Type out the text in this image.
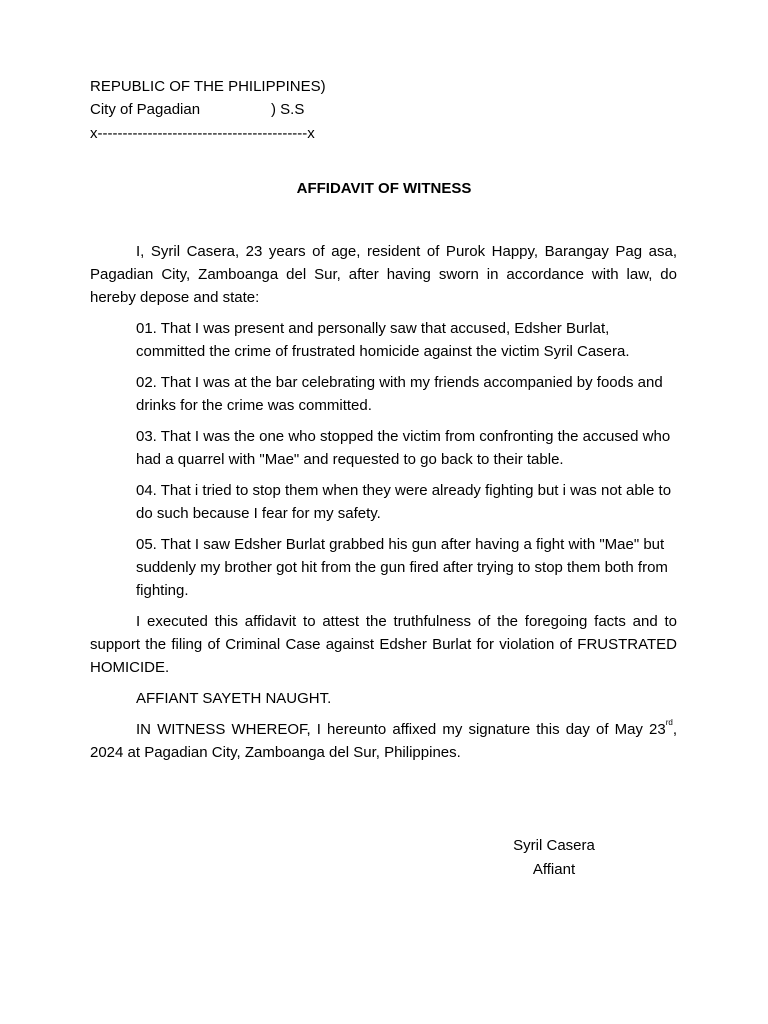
REPUBLIC OF THE PHILIPPINES)
City of Pagadian	) S.S
x------------------------------------------x
AFFIDAVIT OF WITNESS

I, Syril Casera, 23 years of age, resident of Purok Happy, Barangay Pag asa, Pagadian City, Zamboanga del Sur, after having sworn in accordance with law, do hereby depose and state:

01. That I was present and personally saw that accused, Edsher Burlat, committed the crime of frustrated homicide against the victim Syril Casera.

02. That I was at the bar celebrating with my friends accompanied by foods and drinks for the crime was committed.

03. That I was the one who stopped the victim from confronting the accused who had a quarrel with "Mae" and requested to go back to their table.

04. That i tried to stop them when they were already fighting but i was not able to do such because I fear for my safety.

05. That I saw Edsher Burlat grabbed his gun after having a fight with "Mae" but suddenly my brother got hit from the gun fired after trying to stop them both from fighting.

I executed this affidavit to attest the truthfulness of the foregoing facts and to support the filing of Criminal Case against Edsher Burlat for violation of FRUSTRATED HOMICIDE.

AFFIANT SAYETH NAUGHT.

IN WITNESS WHEREOF, I hereunto affixed my signature this day of May 23rd, 2024 at Pagadian City, Zamboanga del Sur, Philippines.

Syril Casera
Affiant
